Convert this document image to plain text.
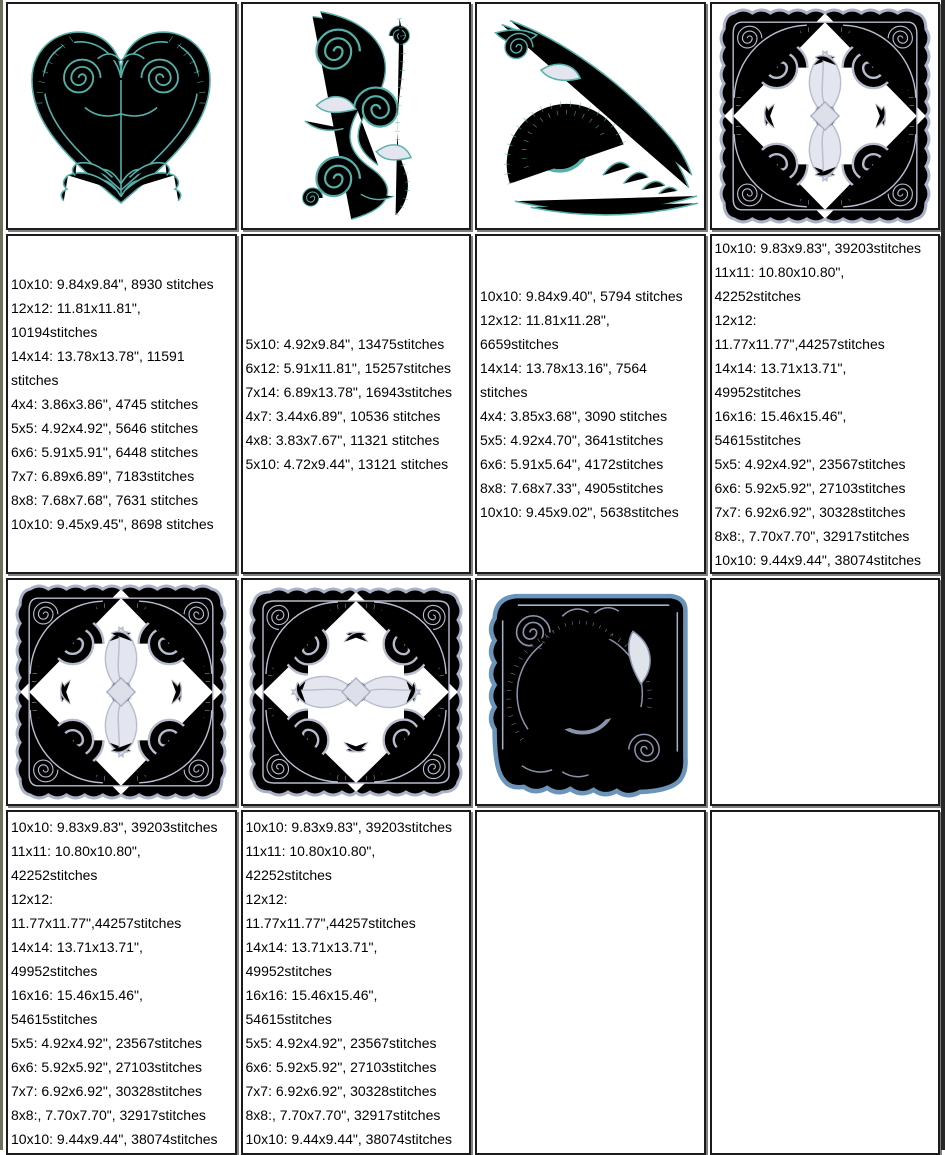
10x10: 9.84x9.84", 8930 stitches
12x12: 11.81x11.81",
10194stitches
14x14: 13.78x13.78", 11591
stitches
4x4: 3.86x3.86", 4745 stitches
5x5: 4.92x4.92", 5646 stitches
6x6: 5.91x5.91", 6448 stitches
7x7: 6.89x6.89", 7183stitches
8x8: 7.68x7.68", 7631 stitches
10x10: 9.45x9.45", 8698 stitches
5x10: 4.92x9.84", 13475stitches
6x12: 5.91x11.81", 15257stitches
7x14: 6.89x13.78", 16943stitches
4x7: 3.44x6.89", 10536 stitches
4x8: 3.83x7.67", 11321 stitches
5x10: 4.72x9.44", 13121 stitches
10x10: 9.84x9.40", 5794 stitches
12x12: 11.81x11.28",
6659stitches
14x14: 13.78x13.16", 7564
stitches
4x4: 3.85x3.68", 3090 stitches
5x5: 4.92x4.70", 3641stitches
6x6: 5.91x5.64", 4172stitches
8x8: 7.68x7.33", 4905stitches
10x10: 9.45x9.02", 5638stitches
10x10: 9.83x9.83", 39203stitches
11x11: 10.80x10.80",
42252stitches
12x12:
11.77x11.77",44257stitches
14x14: 13.71x13.71",
49952stitches
16x16: 15.46x15.46",
54615stitches
5x5: 4.92x4.92", 23567stitches
6x6: 5.92x5.92", 27103stitches
7x7: 6.92x6.92", 30328stitches
8x8:, 7.70x7.70", 32917stitches
10x10: 9.44x9.44", 38074stitches
10x10: 9.83x9.83", 39203stitches
11x11: 10.80x10.80",
42252stitches
12x12:
11.77x11.77",44257stitches
14x14: 13.71x13.71",
49952stitches
16x16: 15.46x15.46",
54615stitches
5x5: 4.92x4.92", 23567stitches
6x6: 5.92x5.92", 27103stitches
7x7: 6.92x6.92", 30328stitches
8x8:, 7.70x7.70", 32917stitches
10x10: 9.44x9.44", 38074stitches
10x10: 9.83x9.83", 39203stitches
11x11: 10.80x10.80",
42252stitches
12x12:
11.77x11.77",44257stitches
14x14: 13.71x13.71",
49952stitches
16x16: 15.46x15.46",
54615stitches
5x5: 4.92x4.92", 23567stitches
6x6: 5.92x5.92", 27103stitches
7x7: 6.92x6.92", 30328stitches
8x8:, 7.70x7.70", 32917stitches
10x10: 9.44x9.44", 38074stitches
